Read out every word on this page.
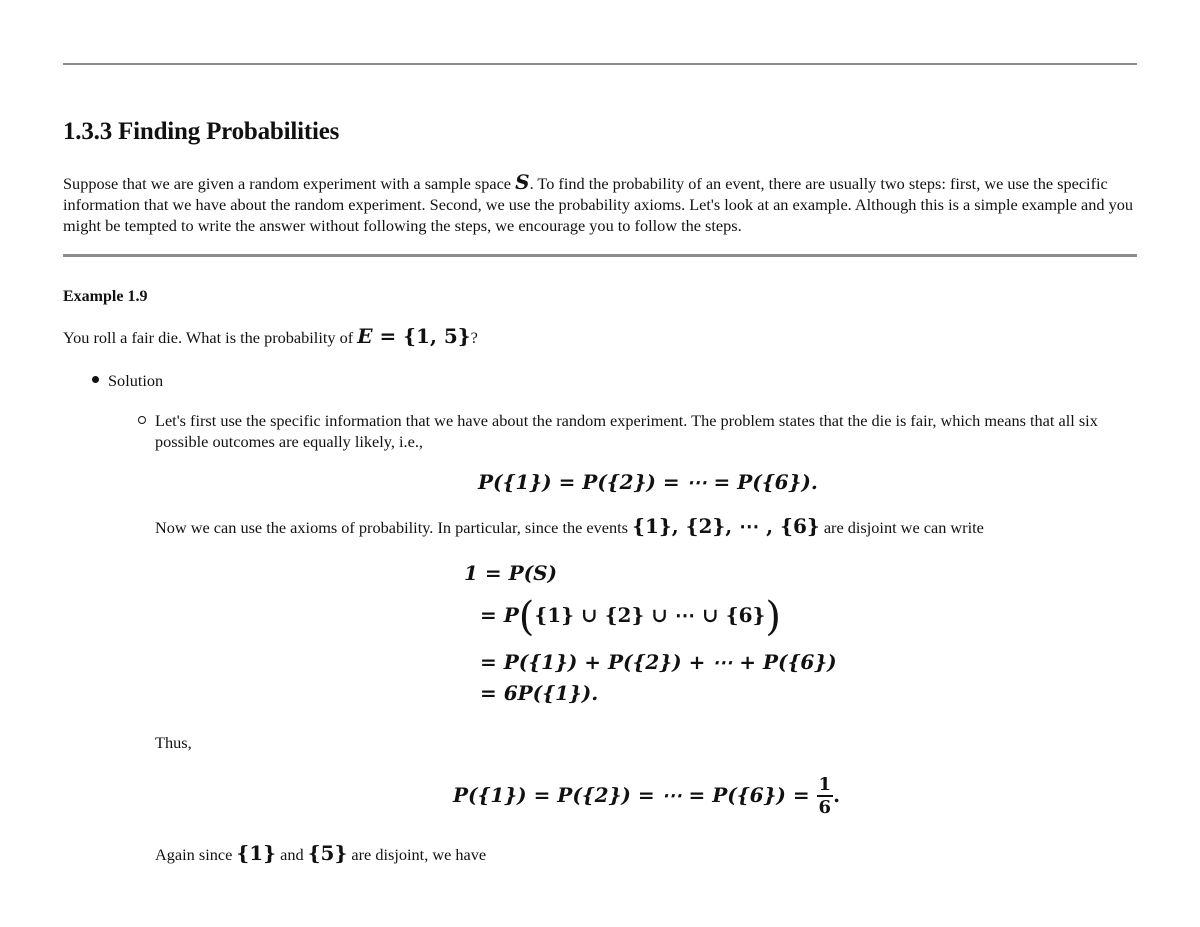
1.3.3 Finding Probabilities

Suppose that we are given a random experiment with a sample space S. To find the probability of an event, there are usually two steps: first, we use the specific information that we have about the random experiment. Second, we use the probability axioms. Let's look at an example. Although this is a simple example and you might be tempted to write the answer without following the steps, we encourage you to follow the steps.

Example 1.9

You roll a fair die. What is the probability of E = {1, 5}?

Solution

Let's first use the specific information that we have about the random experiment. The problem states that the die is fair, which means that all six possible outcomes are equally likely, i.e.,

P({1}) = P({2}) = ⋯ = P({6}).

Now we can use the axioms of probability. In particular, since the events {1}, {2}, ⋯ , {6} are disjoint we can write

1 = P(S)

= P({1} ∪ {2} ∪ ⋯ ∪ {6})

= P({1}) + P({2}) + ⋯ + P({6})

= 6P({1}).

Thus,

P({1}) = P({2}) = ⋯ = $P(\{6\}) = \frac{1}{6}$ .

Again since {1} and {5} are disjoint, we have
